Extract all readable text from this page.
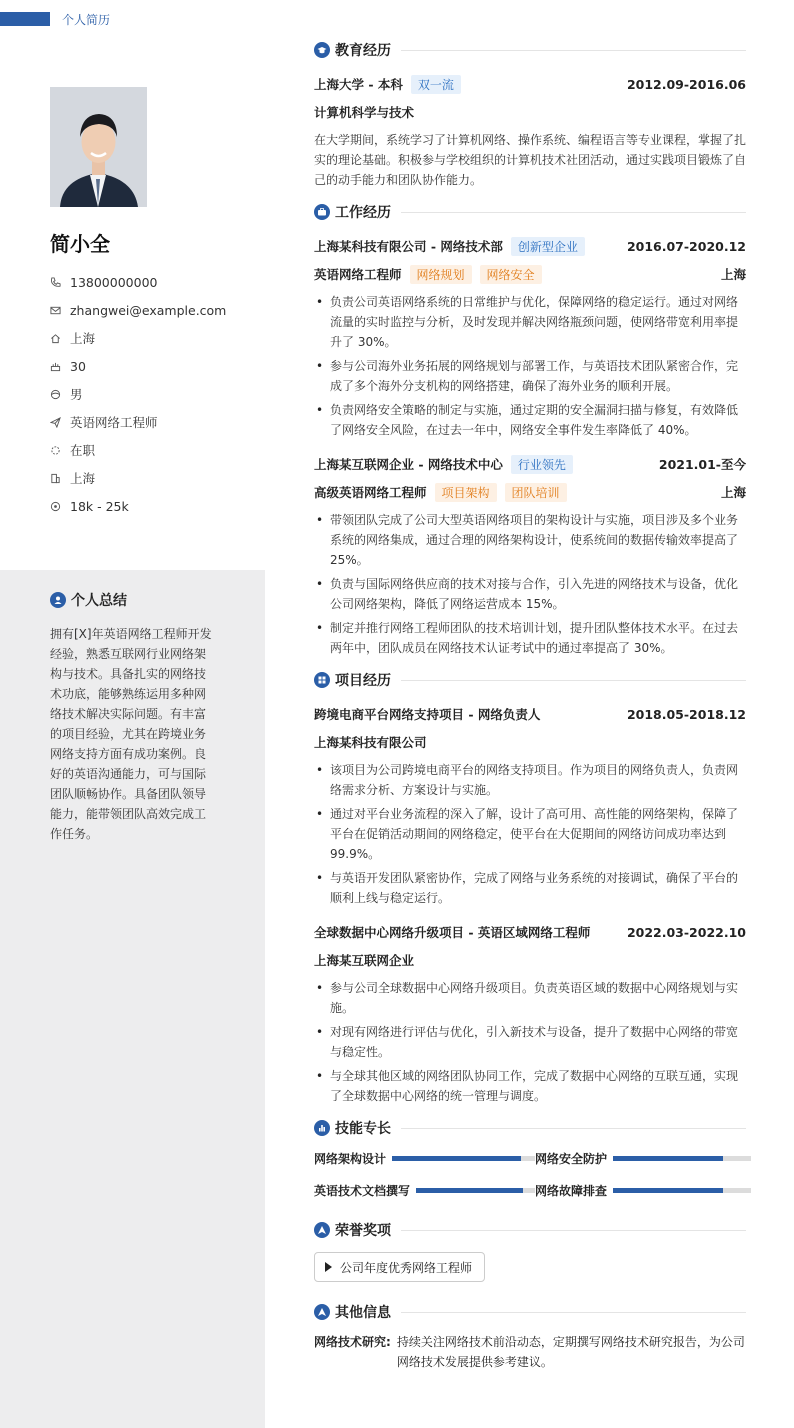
个人简历
简小全
13800000000
zhangwei@example.com
上海
30
男
英语网络工程师
在职
上海
18k - 25k
个人总结
拥有[X]年英语网络工程师开发经验，熟悉互联网行业网络架构与技术。具备扎实的网络技术功底，能够熟练运用多种网络技术解决实际问题。有丰富的项目经验，尤其在跨境业务网络支持方面有成功案例。良好的英语沟通能力，可与国际团队顺畅协作。具备团队领导能力，能带领团队高效完成工作任务。
教育经历
上海大学 - 本科 双一流	2012.09-2016.06
计算机科学与技术
在大学期间，系统学习了计算机网络、操作系统、编程语言等专业课程，掌握了扎实的理论基础。积极参与学校组织的计算机技术社团活动，通过实践项目锻炼了自己的动手能力和团队协作能力。
工作经历
上海某科技有限公司 - 网络技术部 创新型企业	2016.07-2020.12
英语网络工程师 网络规划 网络安全	上海
• 负责公司英语网络系统的日常维护与优化，保障网络的稳定运行。通过对网络流量的实时监控与分析，及时发现并解决网络瓶颈问题，使网络带宽利用率提升了 30%。
• 参与公司海外业务拓展的网络规划与部署工作，与英语技术团队紧密合作，完成了多个海外分支机构的网络搭建，确保了海外业务的顺利开展。
• 负责网络安全策略的制定与实施，通过定期的安全漏洞扫描与修复，有效降低了网络安全风险，在过去一年中，网络安全事件发生率降低了 40%。
上海某互联网企业 - 网络技术中心 行业领先	2021.01-至今
高级英语网络工程师 项目架构 团队培训	上海
• 带领团队完成了公司大型英语网络项目的架构设计与实施，项目涉及多个业务系统的网络集成，通过合理的网络架构设计，使系统间的数据传输效率提高了 25%。
• 负责与国际网络供应商的技术对接与合作，引入先进的网络技术与设备，优化公司网络架构，降低了网络运营成本 15%。
• 制定并推行网络工程师团队的技术培训计划，提升团队整体技术水平。在过去两年中，团队成员在网络技术认证考试中的通过率提高了 30%。
项目经历
跨境电商平台网络支持项目 - 网络负责人	2018.05-2018.12
上海某科技有限公司
• 该项目为公司跨境电商平台的网络支持项目。作为项目的网络负责人，负责网络需求分析、方案设计与实施。
• 通过对平台业务流程的深入了解，设计了高可用、高性能的网络架构，保障了平台在促销活动期间的网络稳定，使平台在大促期间的网络访问成功率达到 99.9%。
• 与英语开发团队紧密协作，完成了网络与业务系统的对接调试，确保了平台的顺利上线与稳定运行。
全球数据中心网络升级项目 - 英语区域网络工程师	2022.03-2022.10
上海某互联网企业
• 参与公司全球数据中心网络升级项目。负责英语区域的数据中心网络规划与实施。
• 对现有网络进行评估与优化，引入新技术与设备，提升了数据中心网络的带宽与稳定性。
• 与全球其他区域的网络团队协同工作，完成了数据中心网络的互联互通，实现了全球数据中心网络的统一管理与调度。
技能专长
网络架构设计	网络安全防护
英语技术文档撰写	网络故障排查
荣誉奖项
公司年度优秀网络工程师
其他信息
网络技术研究: 持续关注网络技术前沿动态，定期撰写网络技术研究报告，为公司网络技术发展提供参考建议。
